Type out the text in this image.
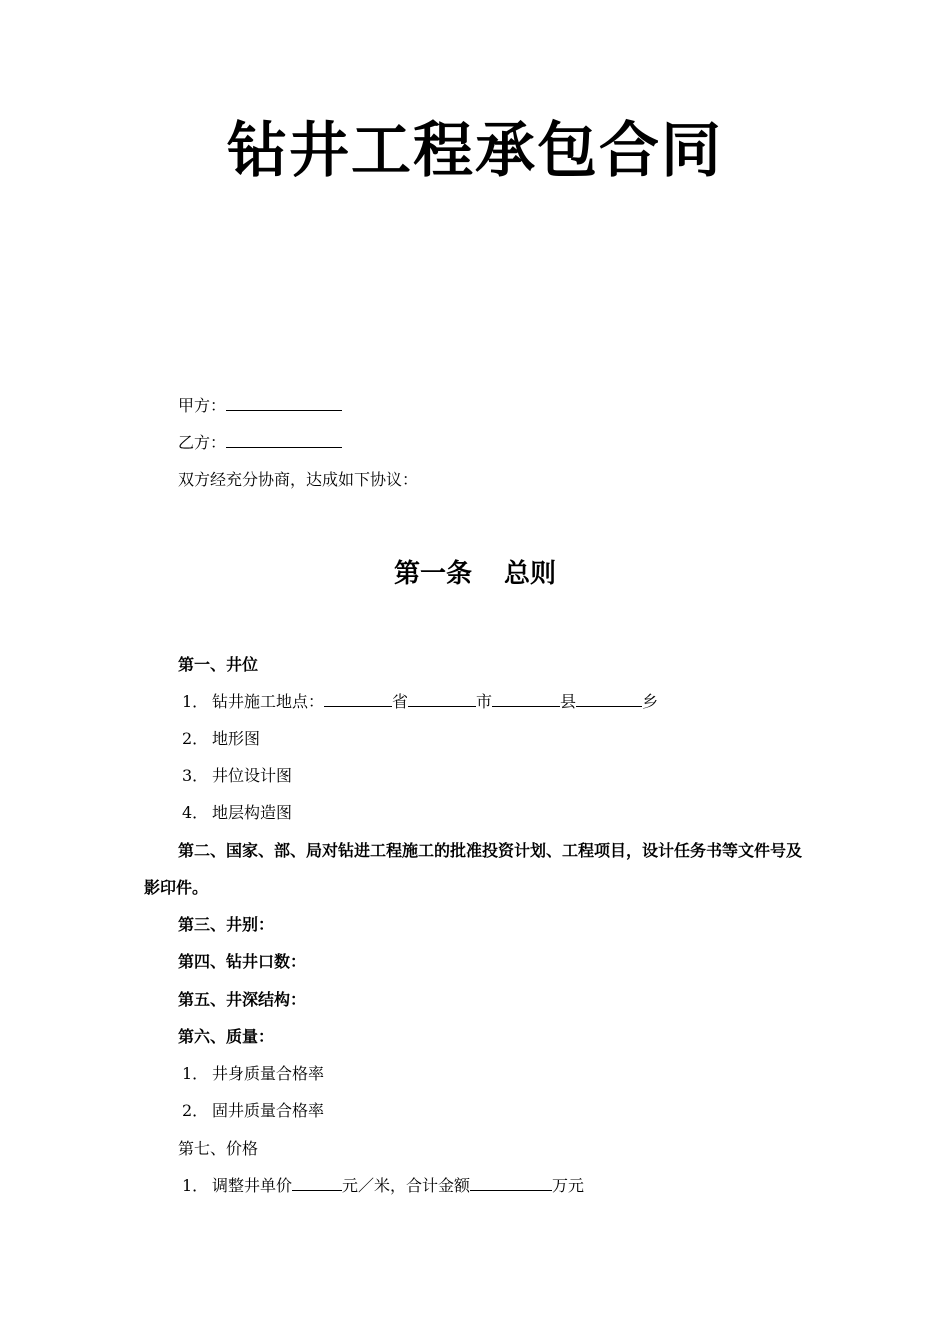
钻井工程承包合同
甲方：
乙方：
双方经充分协商，达成如下协议：
第一条 总则
第一、井位
1． 钻井施工地点：	省	市	县	乡
2． 地形图
3． 井位设计图
4． 地层构造图
第二、国家、部、局对钻进工程施工的批准投资计划、工程项目，设计任务书等文件号及
影印件。
第三、井别：
第四、钻井口数：
第五、井深结构：
第六、质量：
1． 井身质量合格率
2． 固井质量合格率
第七、价格
1． 调整井单价	元／米，合计金额	万元
